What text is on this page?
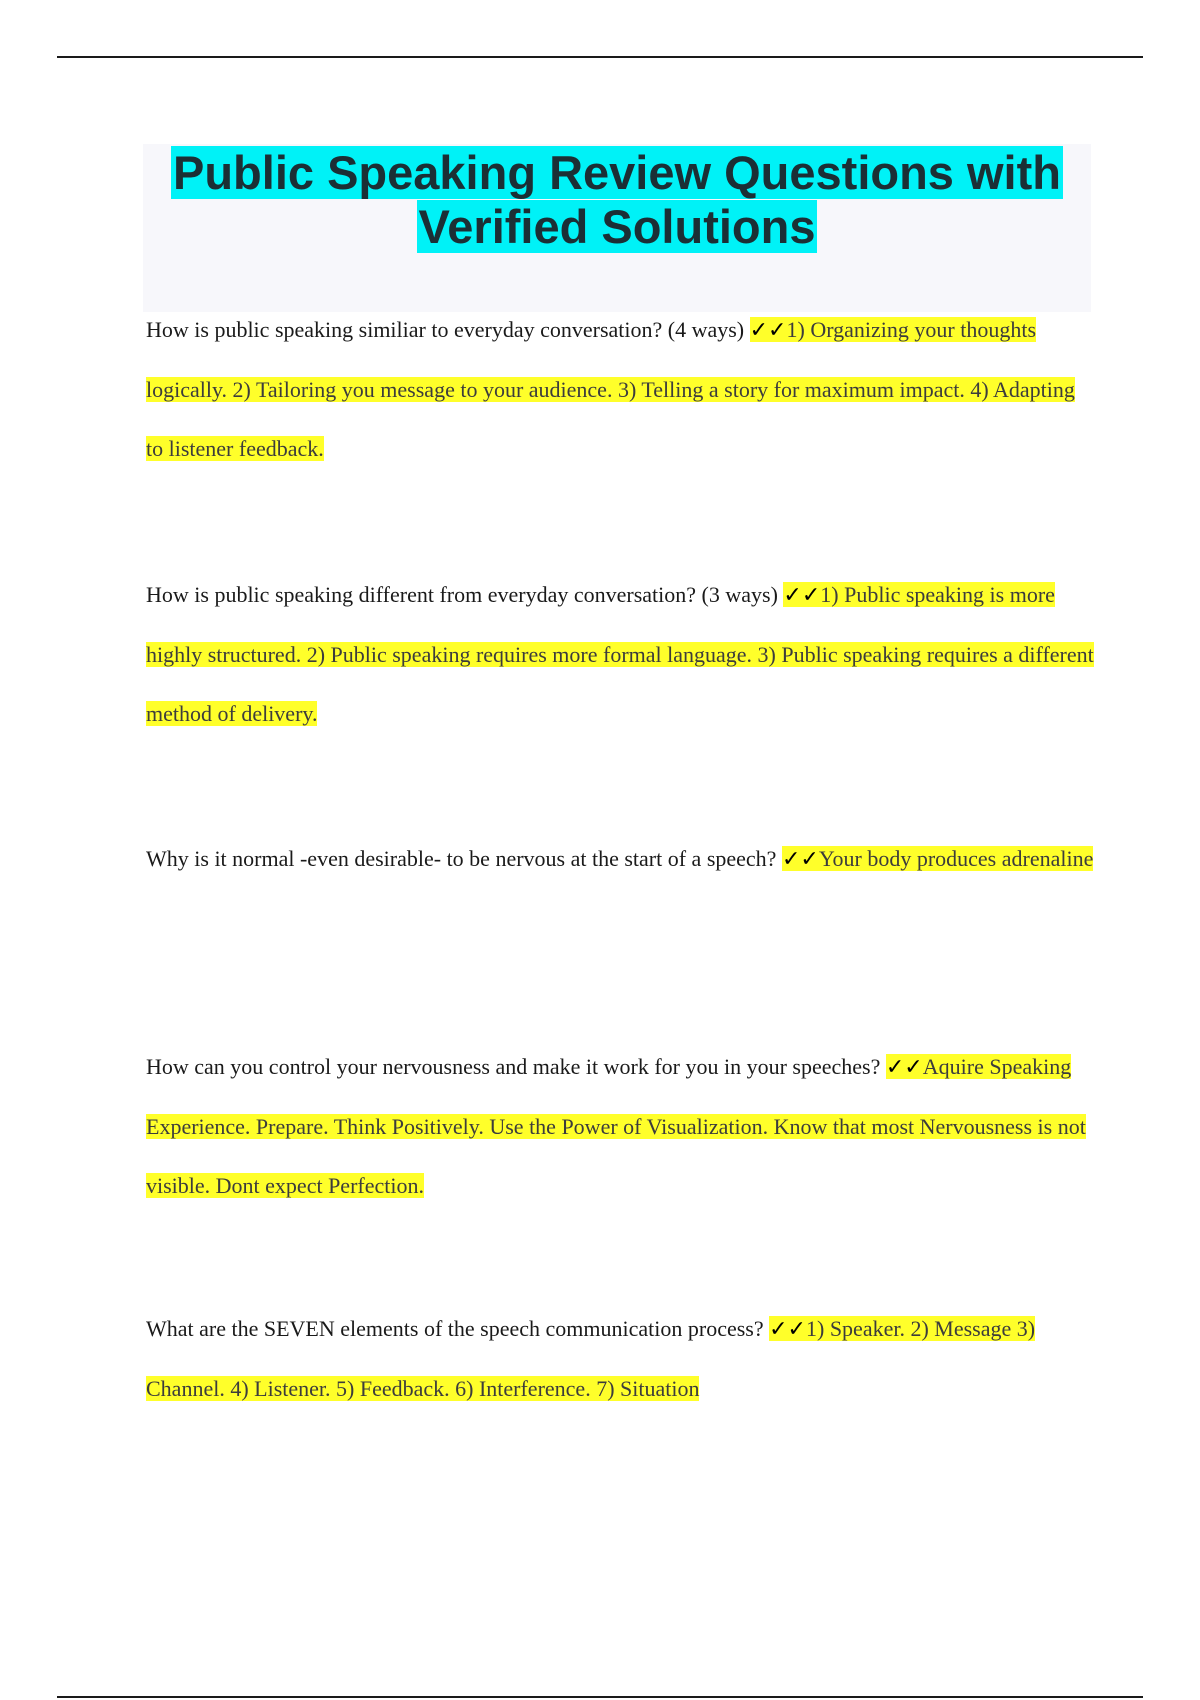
Public Speaking Review Questions with
Verified Solutions

How is public speaking similiar to everyday conversation? (4 ways) ✓✓1) Organizing your thoughts logically. 2) Tailoring you message to your audience. 3) Telling a story for maximum impact. 4) Adapting to listener feedback.

How is public speaking different from everyday conversation? (3 ways) ✓✓1) Public speaking is more highly structured. 2) Public speaking requires more formal language. 3) Public speaking requires a different method of delivery.

Why is it normal -even desirable- to be nervous at the start of a speech? ✓✓Your body produces adrenaline

How can you control your nervousness and make it work for you in your speeches? ✓✓Aquire Speaking Experience. Prepare. Think Positively. Use the Power of Visualization. Know that most Nervousness is not visible. Dont expect Perfection.

What are the SEVEN elements of the speech communication process? ✓✓1) Speaker. 2) Message 3) Channel. 4) Listener. 5) Feedback. 6) Interference. 7) Situation
